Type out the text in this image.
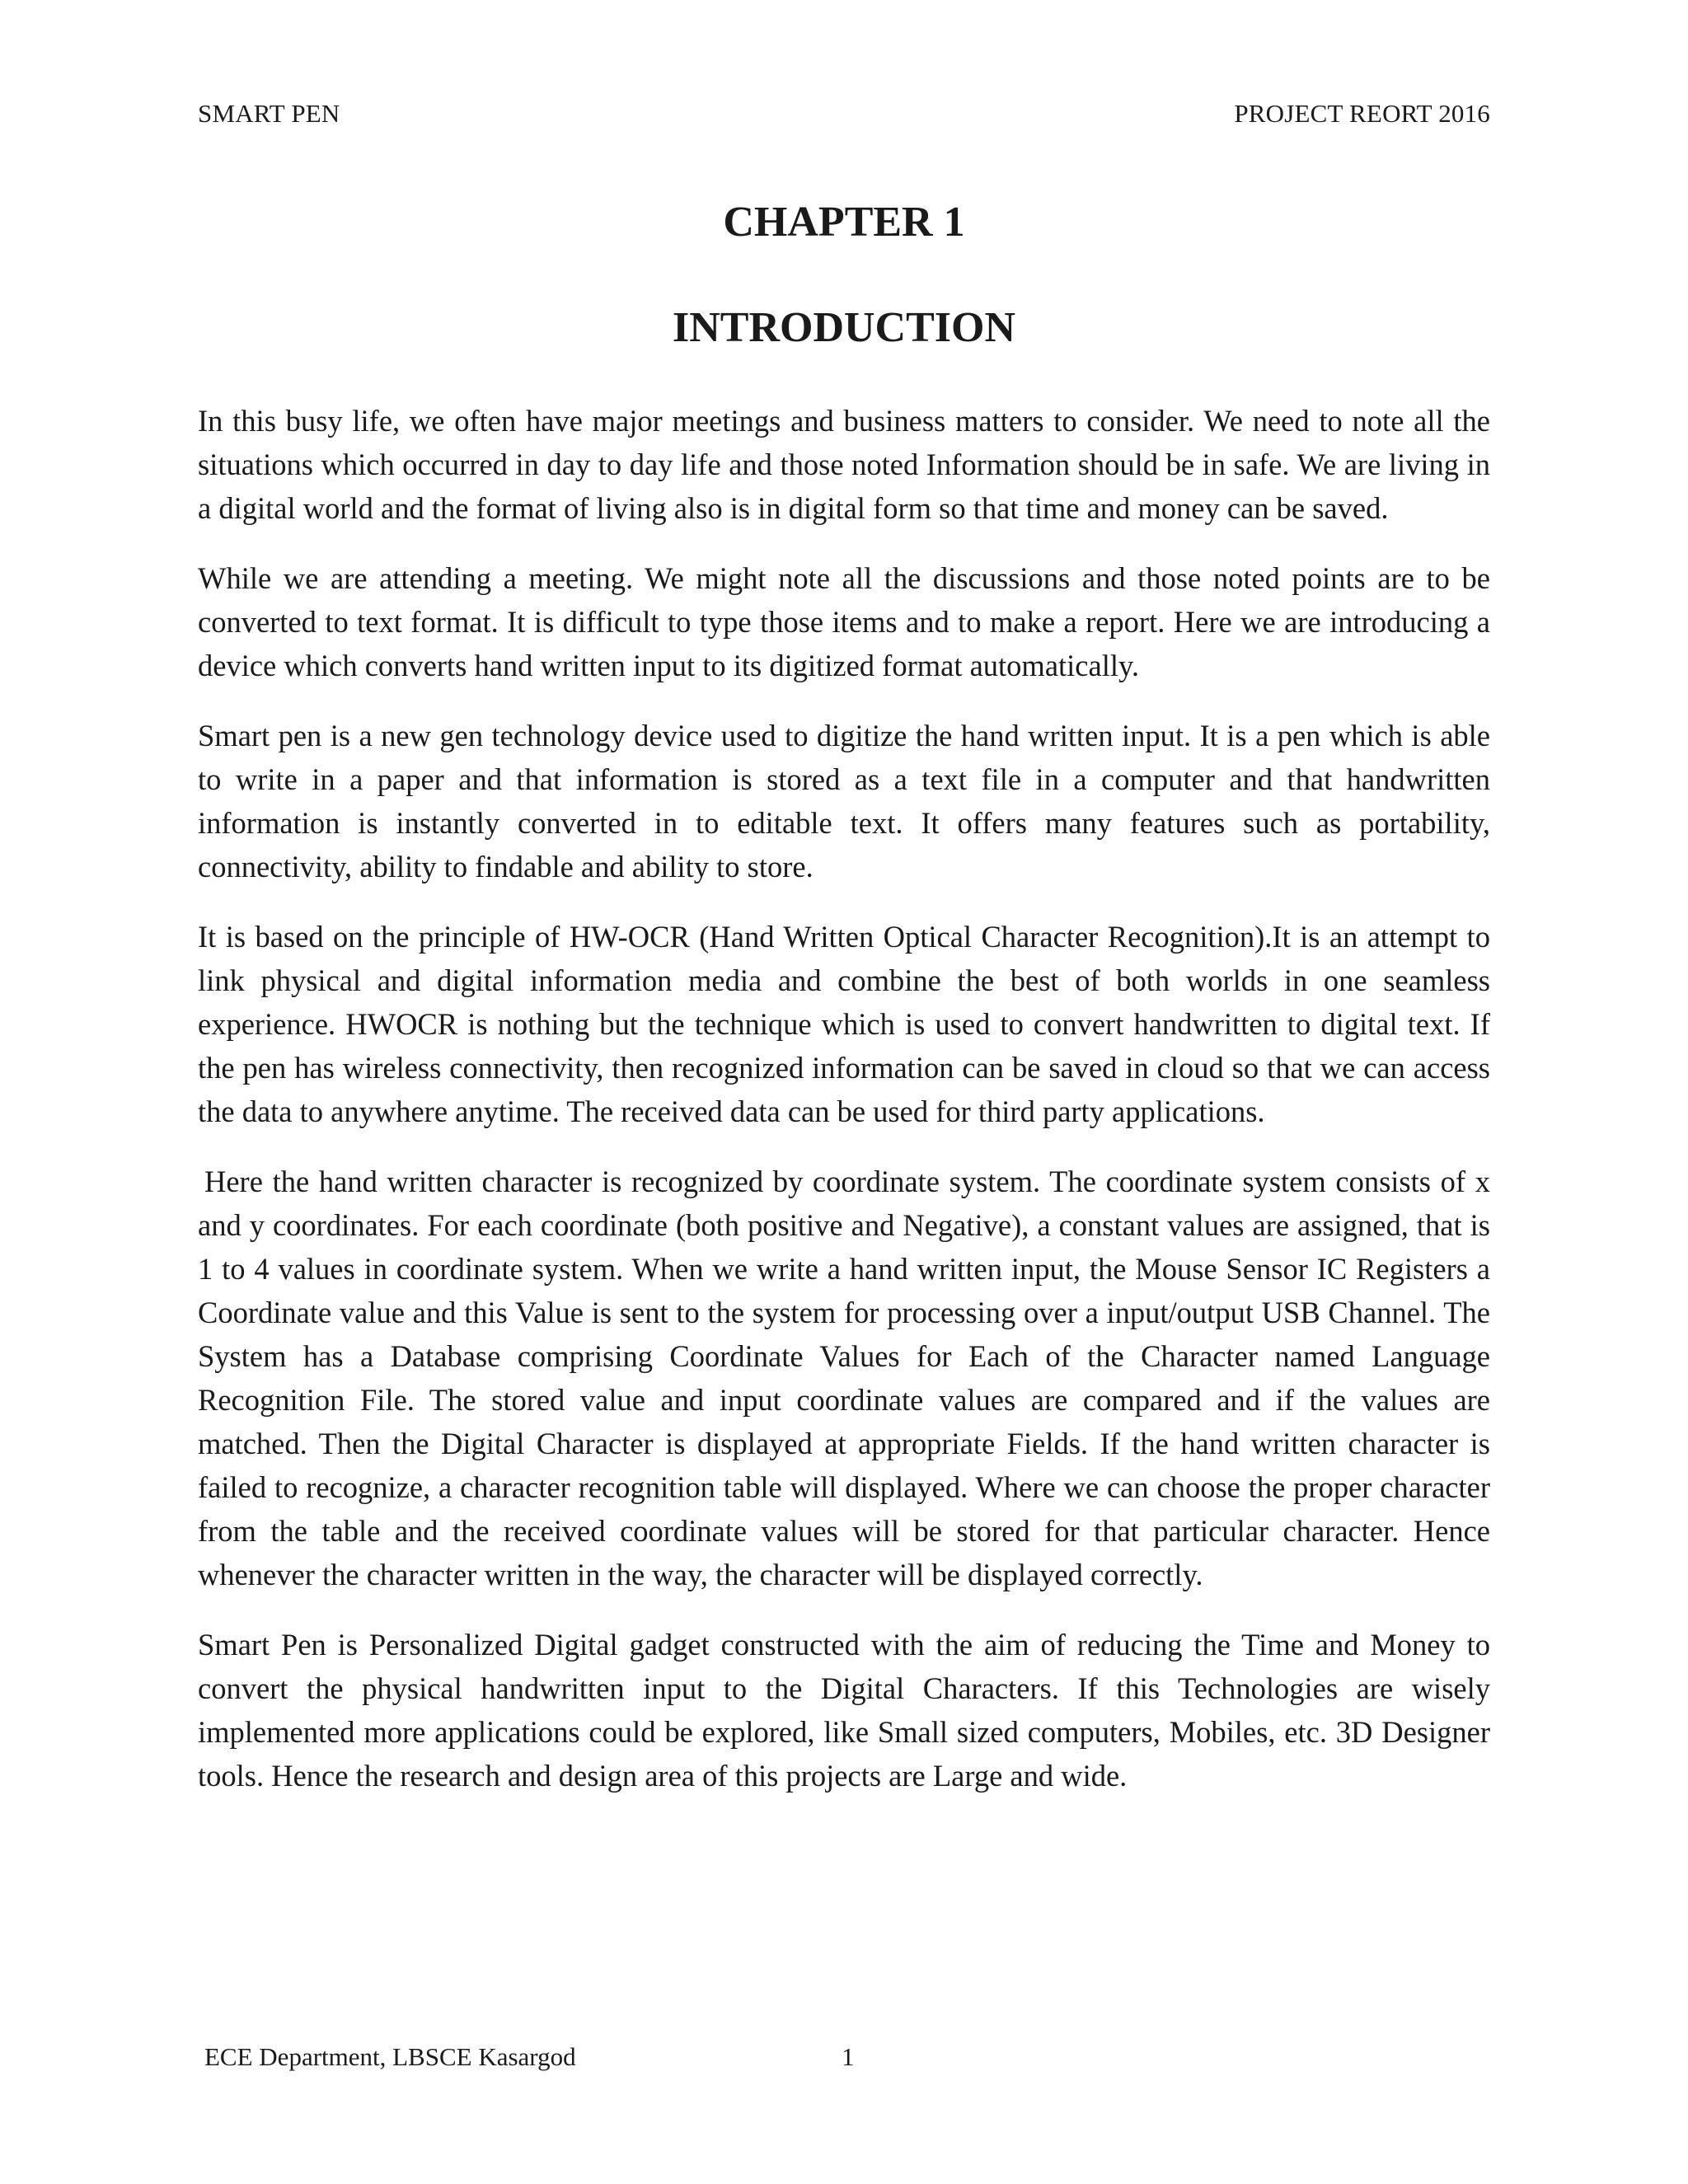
SMART PEN	PROJECT REORT 2016
CHAPTER 1
INTRODUCTION

In this busy life, we often have major meetings and business matters to consider. We need to note all the situations which occurred in day to day life and those noted Information should be in safe. We are living in a digital world and the format of living also is in digital form so that time and money can be saved.

While we are attending a meeting. We might note all the discussions and those noted points are to be converted to text format. It is difficult to type those items and to make a report. Here we are introducing a device which converts hand written input to its digitized format automatically.

Smart pen is a new gen technology device used to digitize the hand written input. It is a pen which is able to write in a paper and that information is stored as a text file in a computer and that handwritten information is instantly converted in to editable text. It offers many features such as portability, connectivity, ability to findable and ability to store.

It is based on the principle of HW-OCR (Hand Written Optical Character Recognition).It is an attempt to link physical and digital information media and combine the best of both worlds in one seamless experience. HWOCR is nothing but the technique which is used to convert handwritten to digital text. If the pen has wireless connectivity, then recognized information can be saved in cloud so that we can access the data to anywhere anytime. The received data can be used for third party applications.

Here the hand written character is recognized by coordinate system. The coordinate system consists of x and y coordinates. For each coordinate (both positive and Negative), a constant values are assigned, that is 1 to 4 values in coordinate system. When we write a hand written input, the Mouse Sensor IC Registers a Coordinate value and this Value is sent to the system for processing over a input/output USB Channel. The System has a Database comprising Coordinate Values for Each of the Character named Language Recognition File. The stored value and input coordinate values are compared and if the values are matched. Then the Digital Character is displayed at appropriate Fields. If the hand written character is failed to recognize, a character recognition table will displayed. Where we can choose the proper character from the table and the received coordinate values will be stored for that particular character. Hence whenever the character written in the way, the character will be displayed correctly.

Smart Pen is Personalized Digital gadget constructed with the aim of reducing the Time and Money to convert the physical handwritten input to the Digital Characters. If this Technologies are wisely implemented more applications could be explored, like Small sized computers, Mobiles, etc. 3D Designer tools. Hence the research and design area of this projects are Large and wide.

ECE Department, LBSCE Kasargod	1
